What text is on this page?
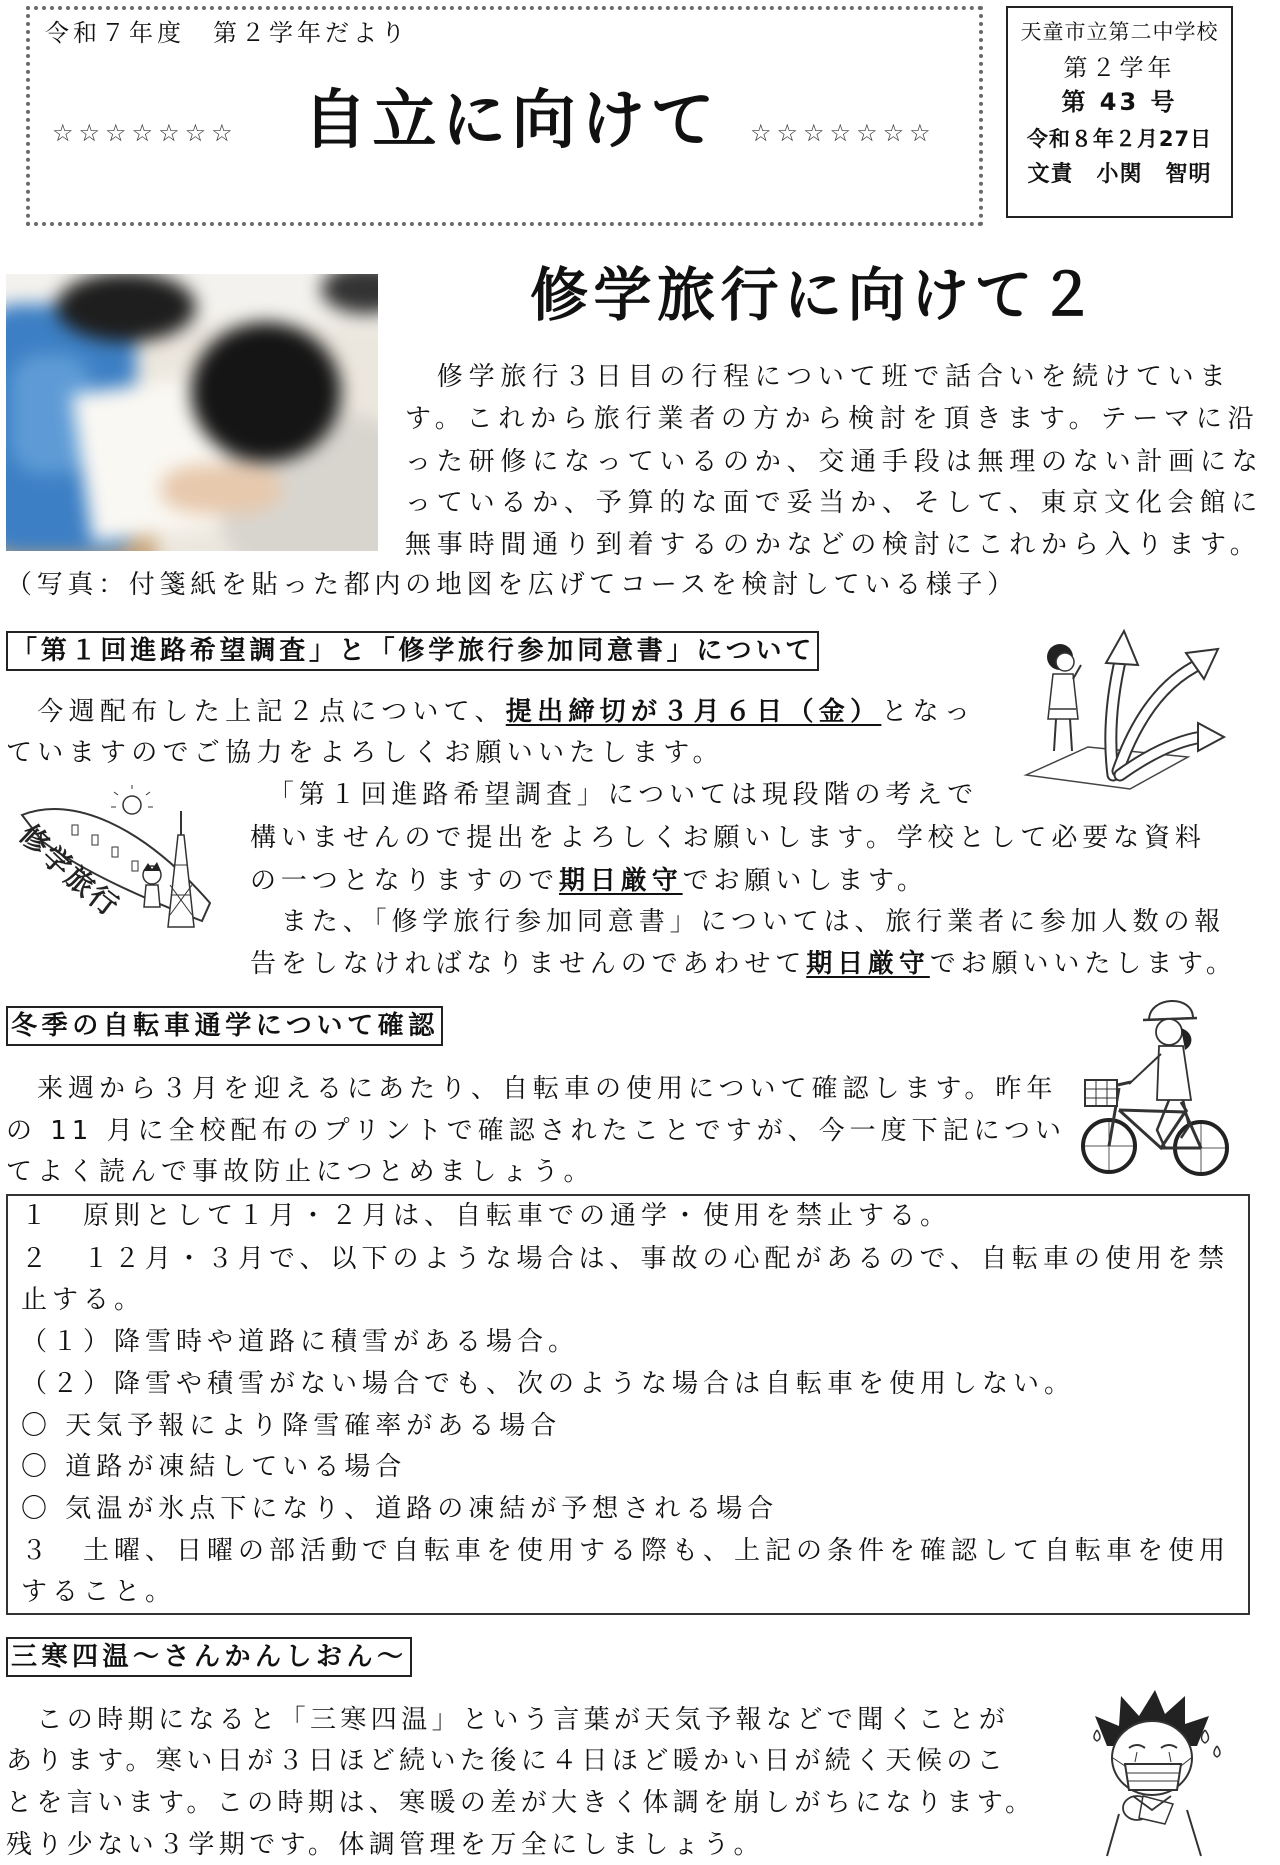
令和７年度　第２学年だより
☆☆☆☆☆☆☆ 自立に向けて ☆☆☆☆☆☆☆
天童市立第二中学校
第２学年
第 43 号
令和８年２月27日
文責　小関　智明
修学旅行に向けて２
　修学旅行３日目の行程について班で話合いを続けていま
す。これから旅行業者の方から検討を頂きます。テーマに沿
った研修になっているのか、交通手段は無理のない計画にな
っているか、予算的な面で妥当か、そして、東京文化会館に
無事時間通り到着するのかなどの検討にこれから入ります。
（写真：付箋紙を貼った都内の地図を広げてコースを検討している様子）
「第１回進路希望調査」と「修学旅行参加同意書」について
修学旅行
　今週配布した上記２点について、提出締切が３月６日（金）となっ
ていますのでご協力をよろしくお願いいたします。
　「第１回進路希望調査」については現段階の考えで
構いませんので提出をよろしくお願いします。学校として必要な資料
の一つとなりますので期日厳守でお願いします。
　また、「修学旅行参加同意書」については、旅行業者に参加人数の報
告をしなければなりませんのであわせて期日厳守でお願いいたします。
冬季の自転車通学について確認
　来週から３月を迎えるにあたり、自転車の使用について確認します。昨年
の 11 月に全校配布のプリントで確認されたことですが、今一度下記につい
てよく読んで事故防止につとめましょう。
１　原則として１月・２月は、自転車での通学・使用を禁止する。
２　１２月・３月で、以下のような場合は、事故の心配があるので、自転車の使用を禁
止する。
（１）降雪時や道路に積雪がある場合。
（２）降雪や積雪がない場合でも、次のような場合は自転車を使用しない。
〇 天気予報により降雪確率がある場合
〇 道路が凍結している場合
〇 気温が氷点下になり、道路の凍結が予想される場合
３　土曜、日曜の部活動で自転車を使用する際も、上記の条件を確認して自転車を使用
すること。
三寒四温～さんかんしおん～
　この時期になると「三寒四温」という言葉が天気予報などで聞くことが
あります。寒い日が３日ほど続いた後に４日ほど暖かい日が続く天候のこ
とを言います。この時期は、寒暖の差が大きく体調を崩しがちになります。
残り少ない３学期です。体調管理を万全にしましょう。
